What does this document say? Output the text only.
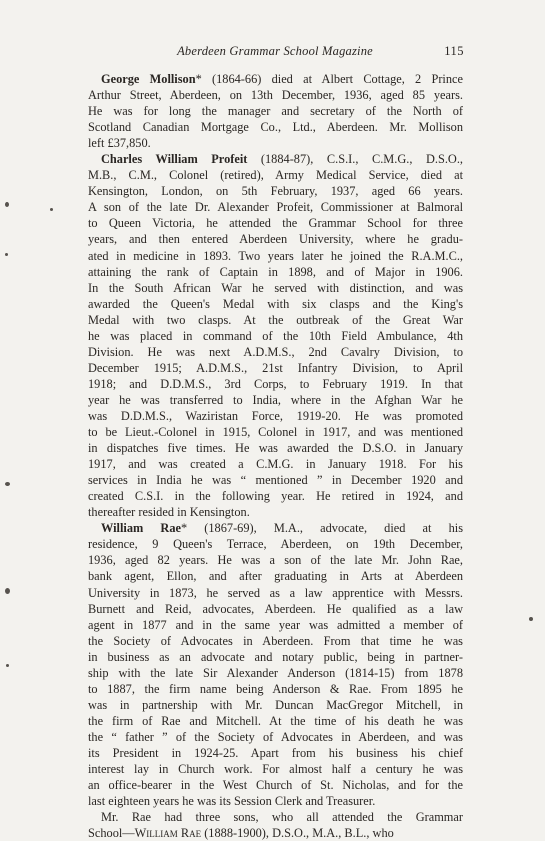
Aberdeen Grammar School Magazine	115
George Mollison* (1864-66) died at Albert Cottage, 2 Prince
Arthur Street, Aberdeen, on 13th December, 1936, aged 85 years.
He was for long the manager and secretary of the North of
Scotland Canadian Mortgage Co., Ltd., Aberdeen. Mr. Mollison
left £37,850.
Charles William Profeit (1884-87), C.S.I., C.M.G., D.S.O.,
M.B., C.M., Colonel (retired), Army Medical Service, died at
Kensington, London, on 5th February, 1937, aged 66 years.
A son of the late Dr. Alexander Profeit, Commissioner at Balmoral
to Queen Victoria, he attended the Grammar School for three
years, and then entered Aberdeen University, where he gradu-
ated in medicine in 1893. Two years later he joined the R.A.M.C.,
attaining the rank of Captain in 1898, and of Major in 1906.
In the South African War he served with distinction, and was
awarded the Queen's Medal with six clasps and the King's
Medal with two clasps. At the outbreak of the Great War
he was placed in command of the 10th Field Ambulance, 4th
Division. He was next A.D.M.S., 2nd Cavalry Division, to
December 1915; A.D.M.S., 21st Infantry Division, to April
1918; and D.D.M.S., 3rd Corps, to February 1919. In that
year he was transferred to India, where in the Afghan War he
was D.D.M.S., Waziristan Force, 1919-20. He was promoted
to be Lieut.-Colonel in 1915, Colonel in 1917, and was mentioned
in dispatches five times. He was awarded the D.S.O. in January
1917, and was created a C.M.G. in January 1918. For his
services in India he was “ mentioned ” in December 1920 and
created C.S.I. in the following year. He retired in 1924, and
thereafter resided in Kensington.
William Rae* (1867-69), M.A., advocate, died at his
residence, 9 Queen's Terrace, Aberdeen, on 19th December,
1936, aged 82 years. He was a son of the late Mr. John Rae,
bank agent, Ellon, and after graduating in Arts at Aberdeen
University in 1873, he served as a law apprentice with Messrs.
Burnett and Reid, advocates, Aberdeen. He qualified as a law
agent in 1877 and in the same year was admitted a member of
the Society of Advocates in Aberdeen. From that time he was
in business as an advocate and notary public, being in partner-
ship with the late Sir Alexander Anderson (1814-15) from 1878
to 1887, the firm name being Anderson & Rae. From 1895 he
was in partnership with Mr. Duncan MacGregor Mitchell, in
the firm of Rae and Mitchell. At the time of his death he was
the “ father ” of the Society of Advocates in Aberdeen, and was
its President in 1924-25. Apart from his business his chief
interest lay in Church work. For almost half a century he was
an office-bearer in the West Church of St. Nicholas, and for the
last eighteen years he was its Session Clerk and Treasurer.
Mr. Rae had three sons, who all attended the Grammar
School—William Rae (1888-1900), D.S.O., M.A., B.L., who
